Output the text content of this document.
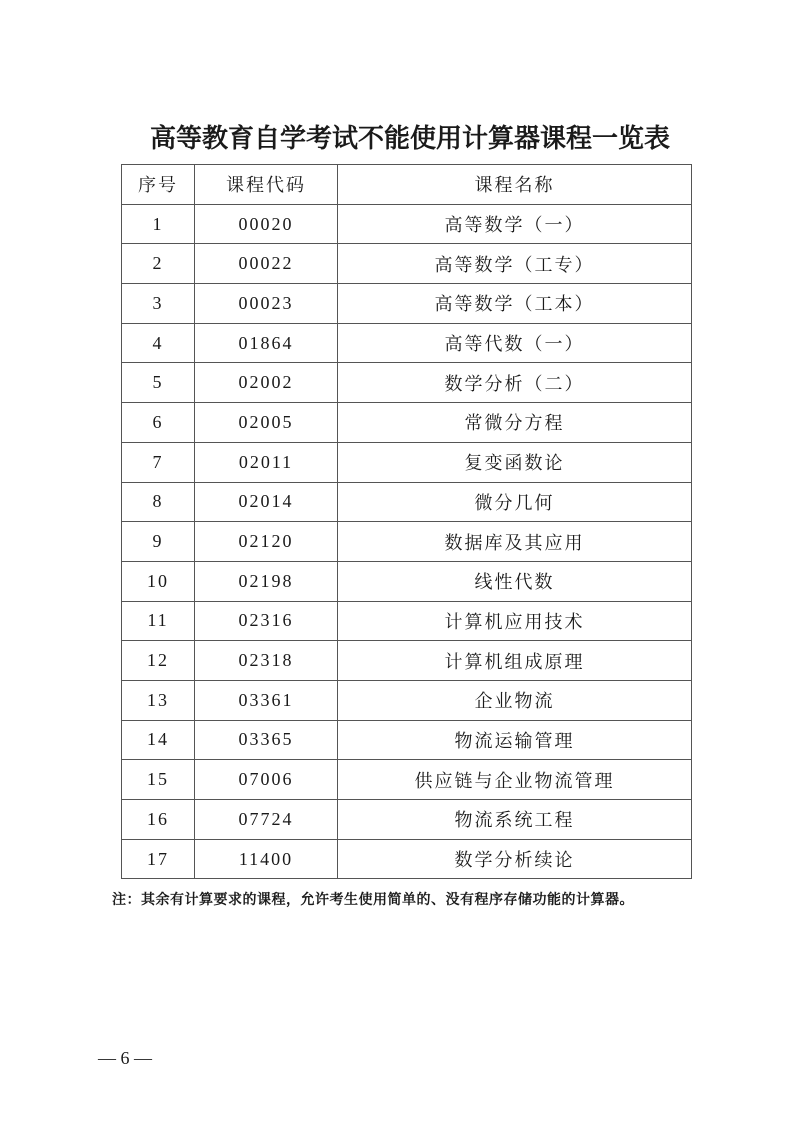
高等教育自学考试不能使用计算器课程一览表
序号	课程代码	课程名称
1	00020	高等数学（一）
2	00022	高等数学（工专）
3	00023	高等数学（工本）
4	01864	高等代数（一）
5	02002	数学分析（二）
6	02005	常微分方程
7	02011	复变函数论
8	02014	微分几何
9	02120	数据库及其应用
10	02198	线性代数
11	02316	计算机应用技术
12	02318	计算机组成原理
13	03361	企业物流
14	03365	物流运输管理
15	07006	供应链与企业物流管理
16	07724	物流系统工程
17	11400	数学分析续论
注：其余有计算要求的课程，允许考生使用简单的、没有程序存储功能的计算器。
— 6 —
